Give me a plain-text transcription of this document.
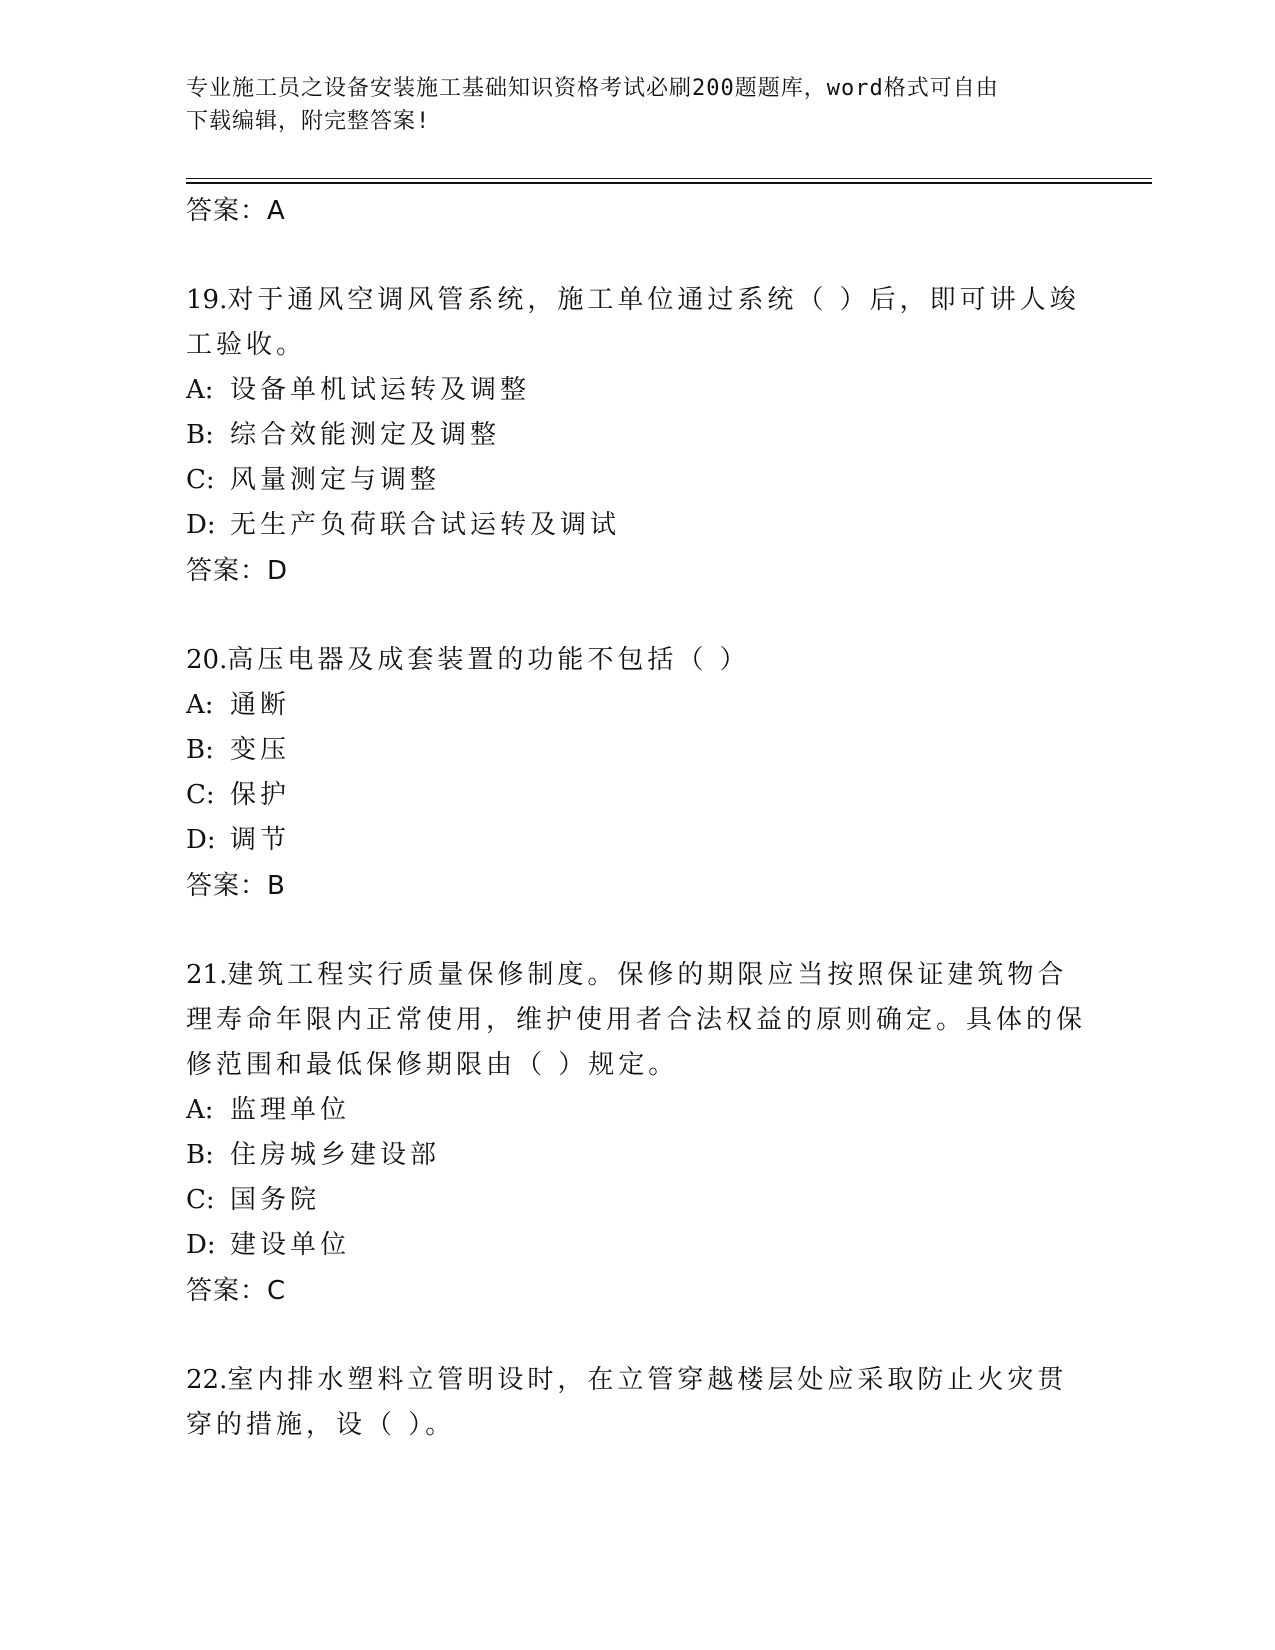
专业施工员之设备安装施工基础知识资格考试必刷200题题库，word格式可自由
下载编辑，附完整答案!
答案：A
19.对于通风空调风管系统，施工单位通过系统（ ）后，即可讲人竣工验收。
A: 设备单机试运转及调整
B: 综合效能测定及调整
C: 风量测定与调整
D: 无生产负荷联合试运转及调试
答案：D
20.高压电器及成套装置的功能不包括（ ）
A: 通断
B: 变压
C: 保护
D: 调节
答案：B
21.建筑工程实行质量保修制度。保修的期限应当按照保证建筑物合理寿命年限内正常使用，维护使用者合法权益的原则确定。具体的保修范围和最低保修期限由（ ）规定。
A: 监理单位
B: 住房城乡建设部
C: 国务院
D: 建设单位
答案：C
22.室内排水塑料立管明设时，在立管穿越楼层处应采取防止火灾贯穿的措施，设（ ）。
